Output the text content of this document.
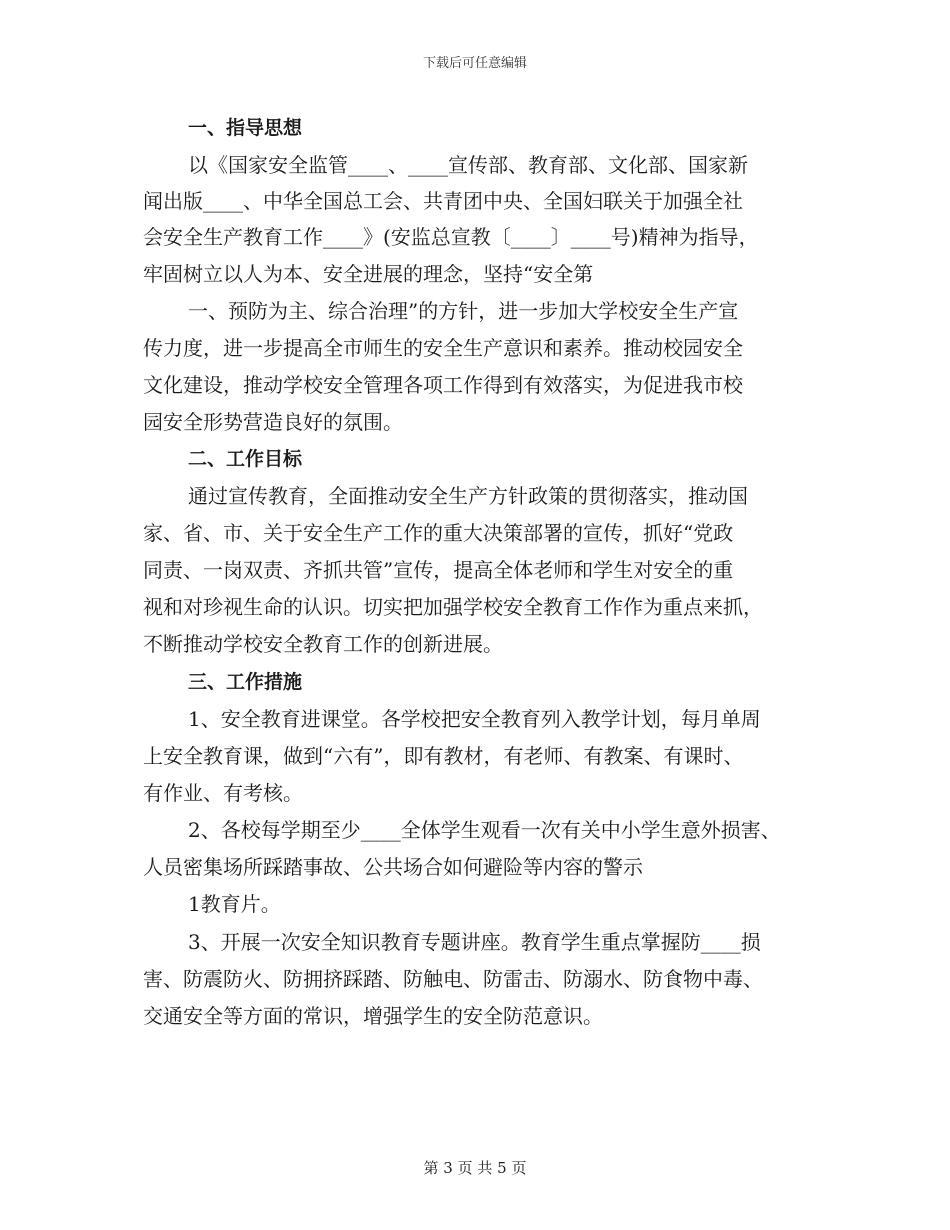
下载后可任意编辑
一、指导思想
以《国家安全监管____、____宣传部、教育部、文化部、国家新
闻出版____、中华全国总工会、共青团中央、全国妇联关于加强全社
会安全生产教育工作____》(安监总宣教〔____〕____号)精神为指导，
牢固树立以人为本、安全进展的理念，坚持“安全第
一、预防为主、综合治理”的方针，进一步加大学校安全生产宣
传力度，进一步提高全市师生的安全生产意识和素养。推动校园安全
文化建设，推动学校安全管理各项工作得到有效落实，为促进我市校
园安全形势营造良好的氛围。
二、工作目标
通过宣传教育，全面推动安全生产方针政策的贯彻落实，推动国
家、省、市、关于安全生产工作的重大决策部署的宣传，抓好“党政
同责、一岗双责、齐抓共管”宣传，提高全体老师和学生对安全的重
视和对珍视生命的认识。切实把加强学校安全教育工作作为重点来抓，
不断推动学校安全教育工作的创新进展。
三、工作措施
1、安全教育进课堂。各学校把安全教育列入教学计划，每月单周
上安全教育课，做到“六有”，即有教材，有老师、有教案、有课时、
有作业、有考核。
2、各校每学期至少____全体学生观看一次有关中小学生意外损害、
人员密集场所踩踏事故、公共场合如何避险等内容的警示
1教育片。
3、开展一次安全知识教育专题讲座。教育学生重点掌握防____损
害、防震防火、防拥挤踩踏、防触电、防雷击、防溺水、防食物中毒、
交通安全等方面的常识，增强学生的安全防范意识。
第 3 页 共 5 页
